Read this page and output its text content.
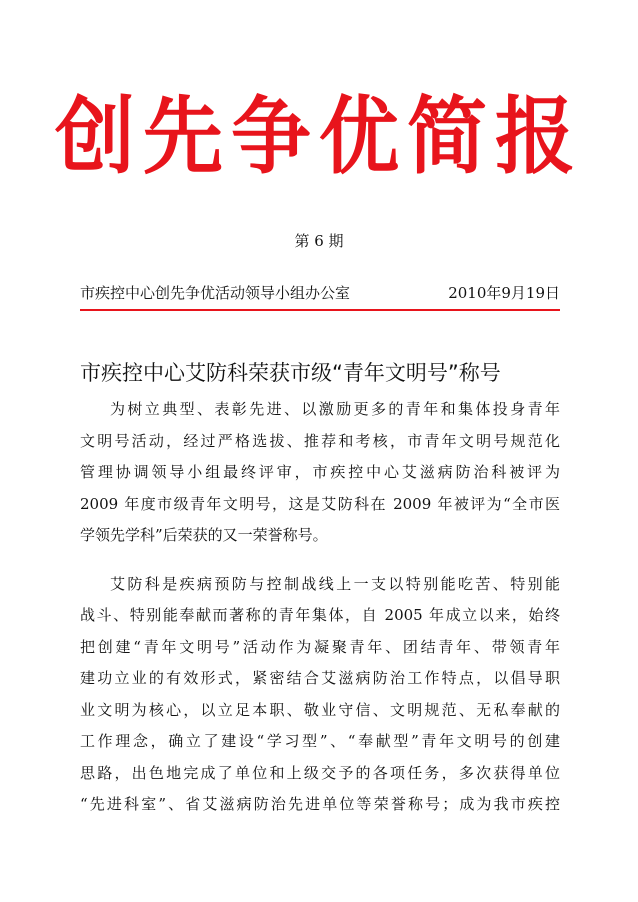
创先争优简报
第 6 期
市疾控中心创先争优活动领导小组办公室	2010年9月19日
市疾控中心艾防科荣获市级“青年文明号”称号
为树立典型、表彰先进、以激励更多的青年和集体投身青年
文明号活动，经过严格选拔、推荐和考核，市青年文明号规范化
管理协调领导小组最终评审，市疾控中心艾滋病防治科被评为
2009 年度市级青年文明号，这是艾防科在 2009 年被评为“全市医
学领先学科”后荣获的又一荣誉称号。
艾防科是疾病预防与控制战线上一支以特别能吃苦、特别能
战斗、特别能奉献而著称的青年集体，自 2005 年成立以来，始终
把创建“青年文明号”活动作为凝聚青年、团结青年、带领青年
建功立业的有效形式，紧密结合艾滋病防治工作特点，以倡导职
业文明为核心，以立足本职、敬业守信、文明规范、无私奉献的
工作理念，确立了建设“学习型”、“奉献型”青年文明号的创建
思路，出色地完成了单位和上级交予的各项任务，多次获得单位
“先进科室”、省艾滋病防治先进单位等荣誉称号；成为我市疾控
